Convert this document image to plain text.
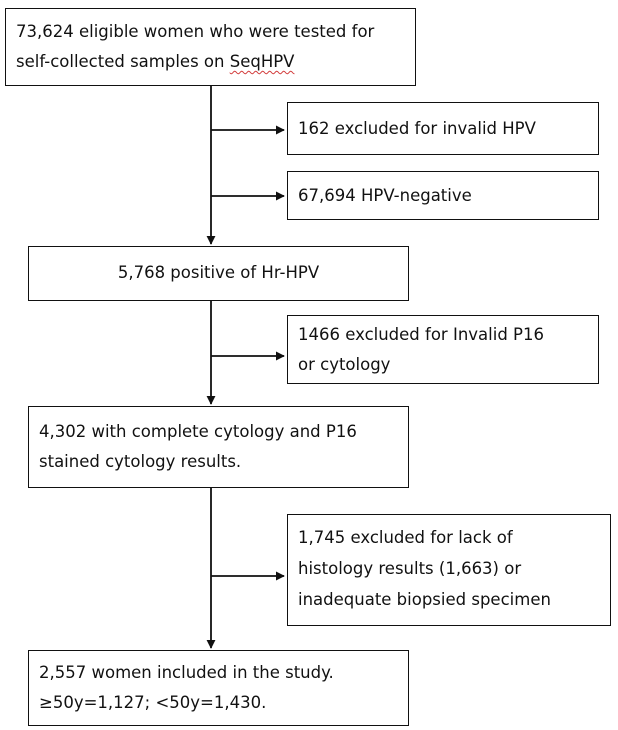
73,624 eligible women who were tested for
self-collected samples on SeqHPV
162 excluded for invalid HPV
67,694 HPV-negative
5,768 positive of Hr-HPV
1466 excluded for Invalid P16
or cytology
4,302 with complete cytology and P16
stained cytology results.
1,745 excluded for lack of
histology results (1,663) or
inadequate biopsied specimen
2,557 women included in the study.
≥50y=1,127; <50y=1,430.
